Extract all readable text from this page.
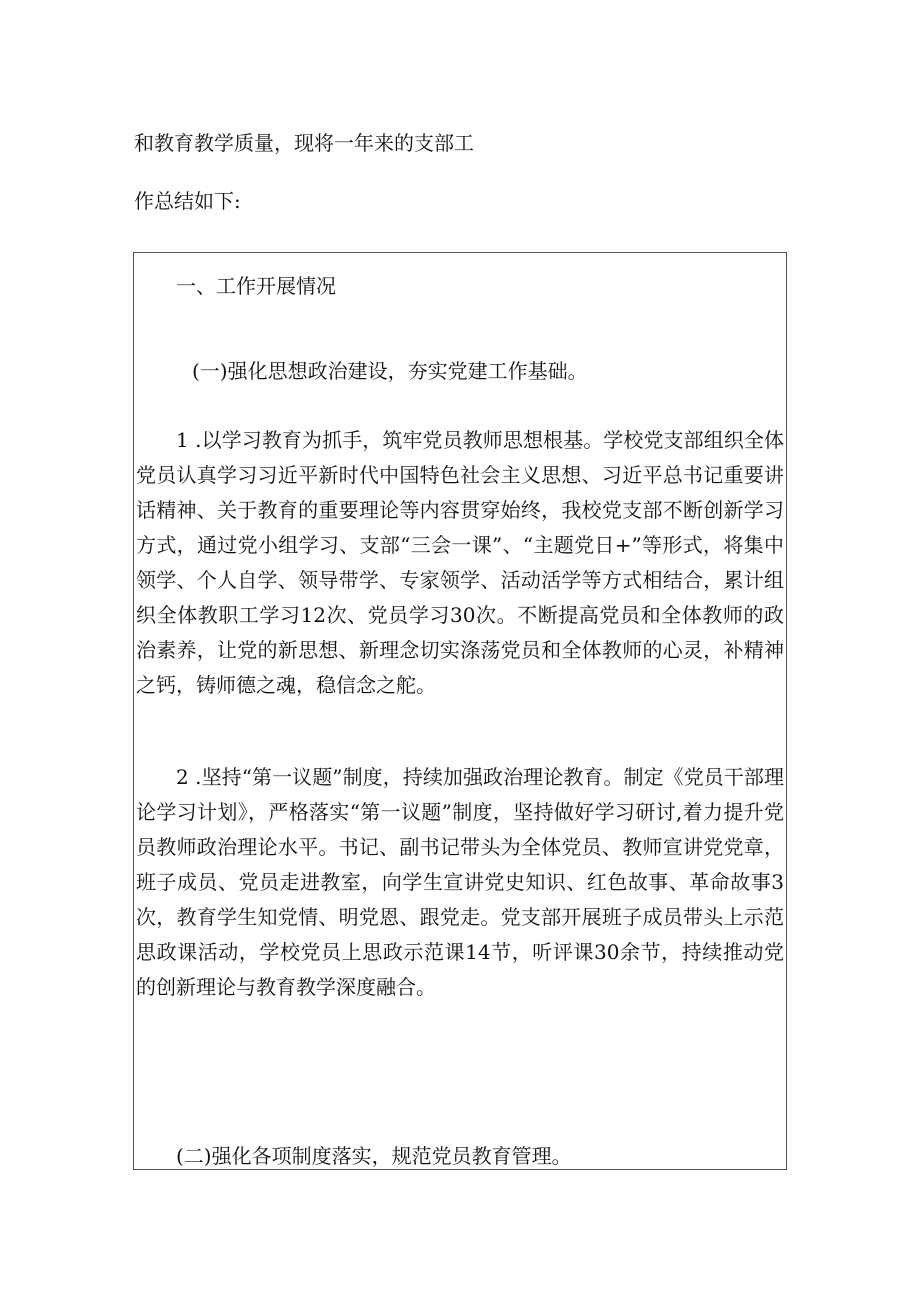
和教育教学质量，现将一年来的支部工
作总结如下:

一、工作开展情况

(一)强化思想政治建设，夯实党建工作基础。

1 .以学习教育为抓手，筑牢党员教师思想根基。学校党支部组织全体党员认真学习习近平新时代中国特色社会主义思想、习近平总书记重要讲话精神、关于教育的重要理论等内容贯穿始终，我校党支部不断创新学习方式，通过党小组学习、支部“三会一课”、“主题党日+”等形式，将集中领学、个人自学、领导带学、专家领学、活动活学等方式相结合，累计组织全体教职工学习12次、党员学习30次。不断提高党员和全体教师的政治素养，让党的新思想、新理念切实涤荡党员和全体教师的心灵，补精神之钙，铸师德之魂，稳信念之舵。

2 .坚持“第一议题”制度，持续加强政治理论教育。制定《党员干部理论学习计划》，严格落实“第一议题”制度，坚持做好学习研讨,着力提升党员教师政治理论水平。书记、副书记带头为全体党员、教师宣讲党党章，班子成员、党员走进教室，向学生宣讲党史知识、红色故事、革命故事3次，教育学生知党情、明党恩、跟党走。党支部开展班子成员带头上示范思政课活动，学校党员上思政示范课14节，听评课30余节，持续推动党的创新理论与教育教学深度融合。

(二)强化各项制度落实，规范党员教育管理。
